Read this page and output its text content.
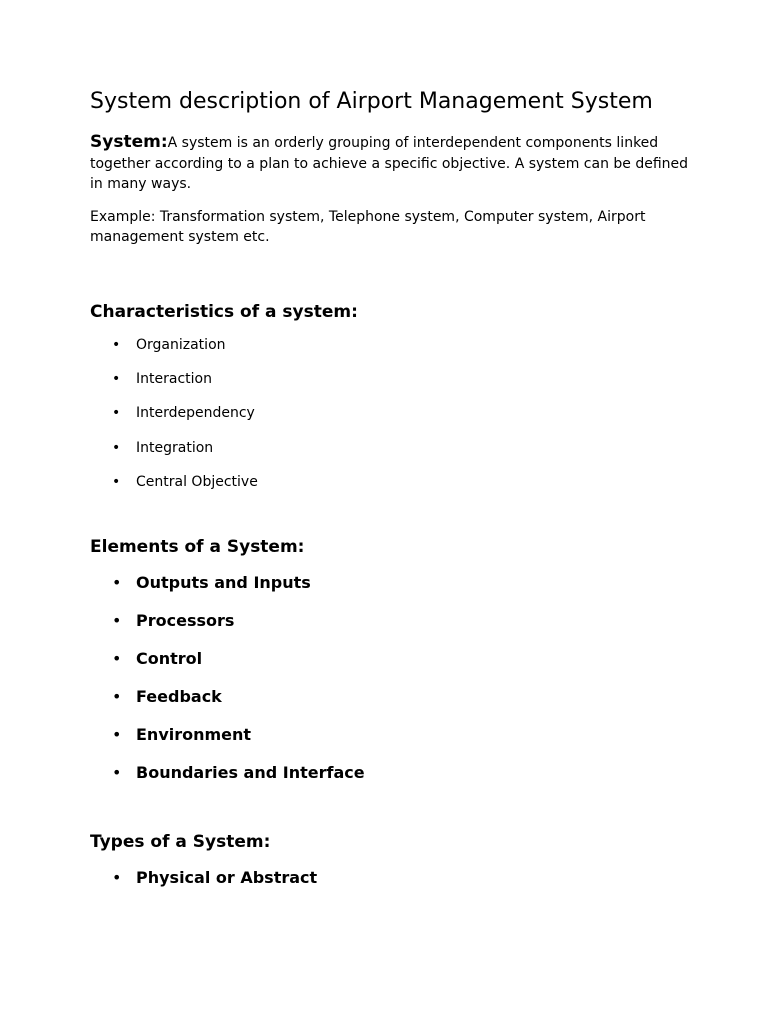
System description of Airport Management System

System:A system is an orderly grouping of interdependent components linked together according to a plan to achieve a specific objective. A system can be defined in many ways.

Example: Transformation system, Telephone system, Computer system, Airport management system etc.

Characteristics of a system:
• Organization
• Interaction
• Interdependency
• Integration
• Central Objective
Elements of a System:
• Outputs and Inputs
• Processors
• Control
• Feedback
• Environment
• Boundaries and Interface
Types of a System:
• Physical or Abstract
